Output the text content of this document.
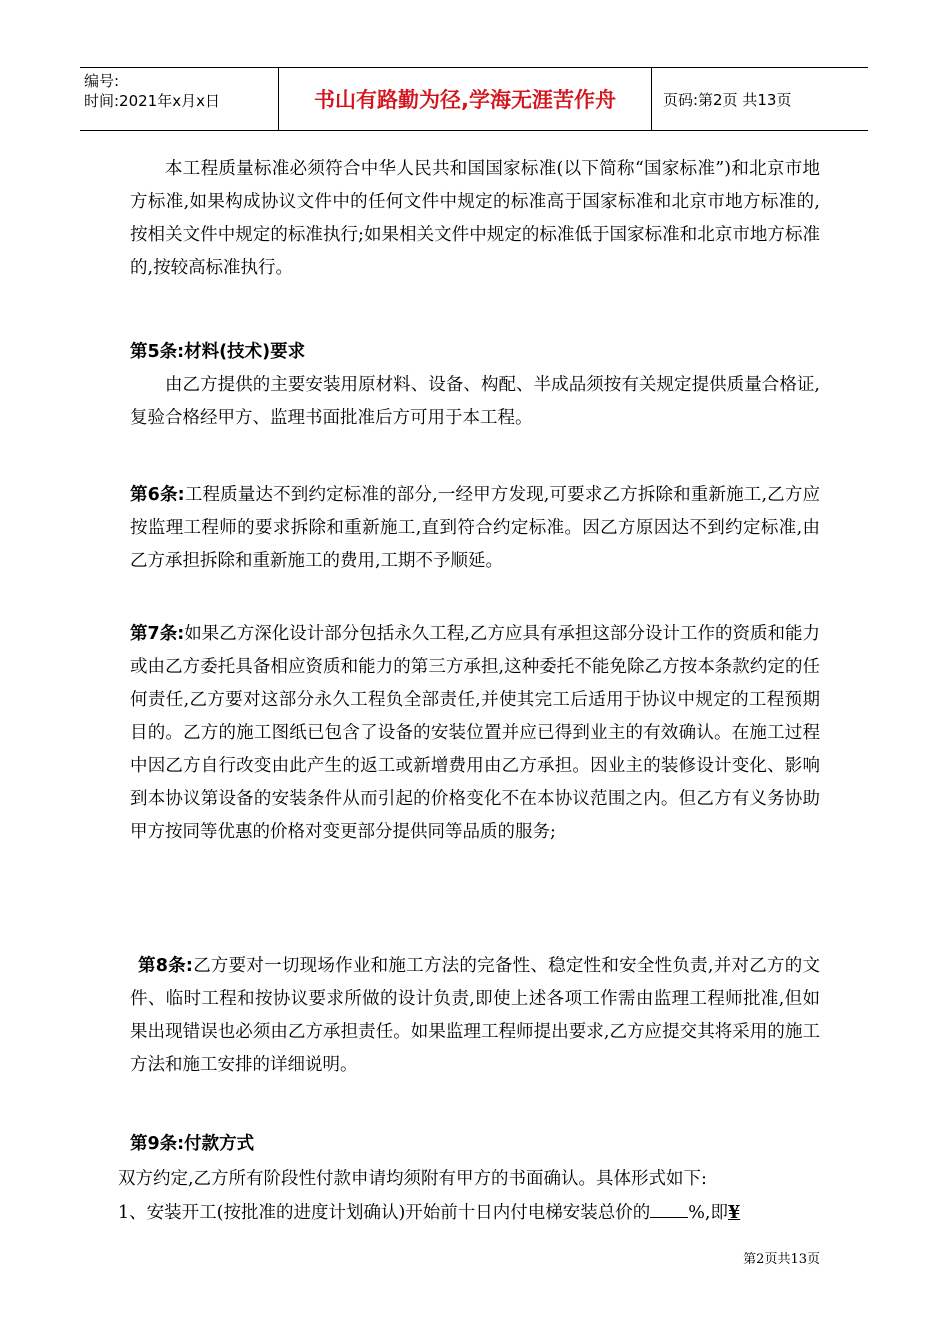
编号:
时间:2021年x月x日	书山有路勤为径,学海无涯苦作舟	页码:第2页 共13页

本工程质量标准必须符合中华人民共和国国家标准(以下简称“国家标准”)和北京市地方标准,如果构成协议文件中的任何文件中规定的标准高于国家标准和北京市地方标准的,按相关文件中规定的标准执行;如果相关文件中规定的标准低于国家标准和北京市地方标准的,按较高标准执行。

第5条:材料(技术)要求

由乙方提供的主要安装用原材料、设备、构配、半成品须按有关规定提供质量合格证,复验合格经甲方、监理书面批准后方可用于本工程。

第6条:工程质量达不到约定标准的部分,一经甲方发现,可要求乙方拆除和重新施工,乙方应按监理工程师的要求拆除和重新施工,直到符合约定标准。因乙方原因达不到约定标准,由乙方承担拆除和重新施工的费用,工期不予顺延。

第7条:如果乙方深化设计部分包括永久工程,乙方应具有承担这部分设计工作的资质和能力或由乙方委托具备相应资质和能力的第三方承担,这种委托不能免除乙方按本条款约定的任何责任,乙方要对这部分永久工程负全部责任,并使其完工后适用于协议中规定的工程预期目的。乙方的施工图纸已包含了设备的安装位置并应已得到业主的有效确认。在施工过程中因乙方自行改变由此产生的返工或新增费用由乙方承担。因业主的装修设计变化、影响到本协议第设备的安装条件从而引起的价格变化不在本协议范围之内。但乙方有义务协助甲方按同等优惠的价格对变更部分提供同等品质的服务;

第8条:乙方要对一切现场作业和施工方法的完备性、稳定性和安全性负责,并对乙方的文件、临时工程和按协议要求所做的设计负责,即使上述各项工作需由监理工程师批准,但如果出现错误也必须由乙方承担责任。如果监理工程师提出要求,乙方应提交其将采用的施工方法和施工安排的详细说明。

第9条:付款方式

双方约定,乙方所有阶段性付款申请均须附有甲方的书面确认。具体形式如下:

1、安装开工(按批准的进度计划确认)开始前十日内付电梯安装总价的 %,即¥

第2页共13页
